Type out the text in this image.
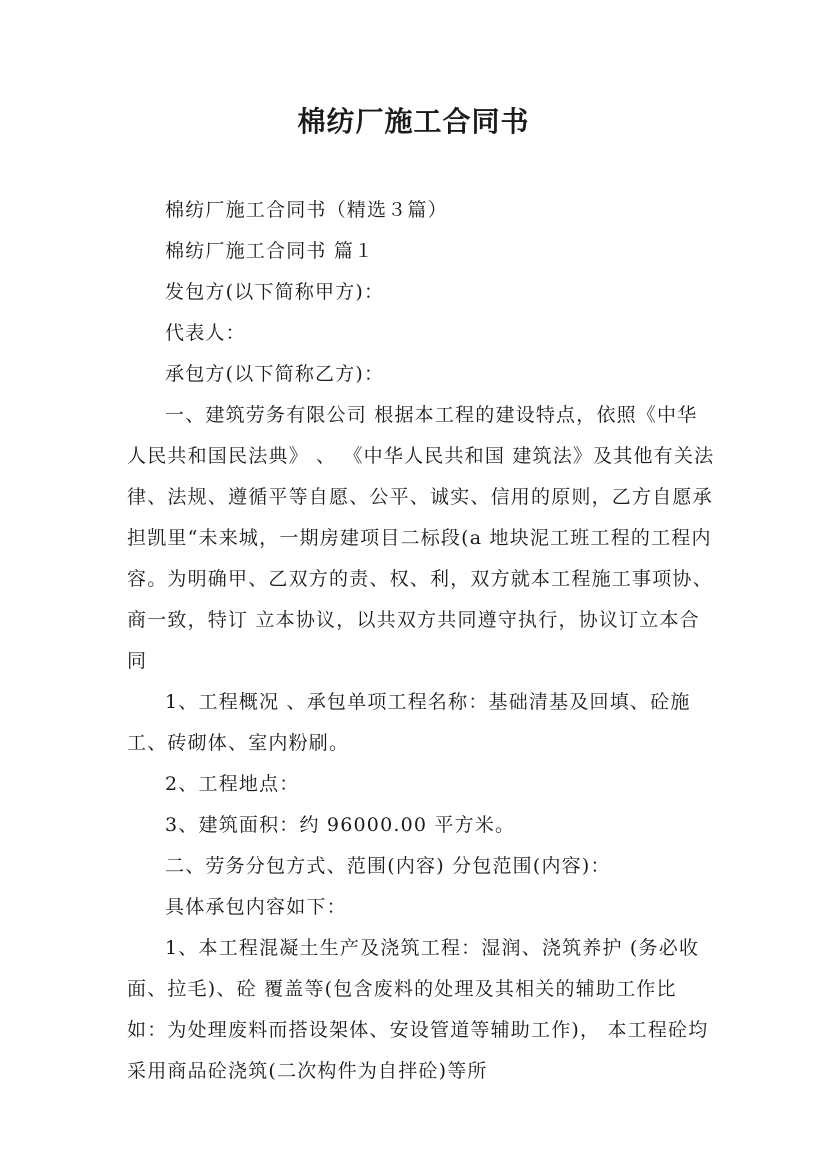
棉纺厂施工合同书

棉纺厂施工合同书（精选３篇）

棉纺厂施工合同书 篇１

发包方(以下简称甲方)：

代表人：

承包方(以下简称乙方)：

一、建筑劳务有限公司 根据本工程的建设特点，依照《中华人民共和国民法典》 、 《中华人民共和国 建筑法》及其他有关法律、法规、遵循平等自愿、公平、诚实、信用的原则，乙方自愿承担凯里“未来城，一期房建项目二标段(a 地块泥工班工程的工程内容。为明确甲、乙双方的责、权、利，双方就本工程施工事项协、商一致，特订 立本协议，以共双方共同遵守执行，协议订立本合同

1、工程概况 、承包单项工程名称：基础清基及回填、砼施工、砖砌体、室内粉刷。

2、工程地点：

3、建筑面积：约 96000.00 平方米。

二、劳务分包方式、范围(内容) 分包范围(内容)：

具体承包内容如下：

1、本工程混凝土生产及浇筑工程：湿润、浇筑养护 (务必收面、拉毛)、砼 覆盖等(包含废料的处理及其相关的辅助工作比如：为处理废料而搭设架体、安设管道等辅助工作)， 本工程砼均采用商品砼浇筑(二次构件为自拌砼)等所
